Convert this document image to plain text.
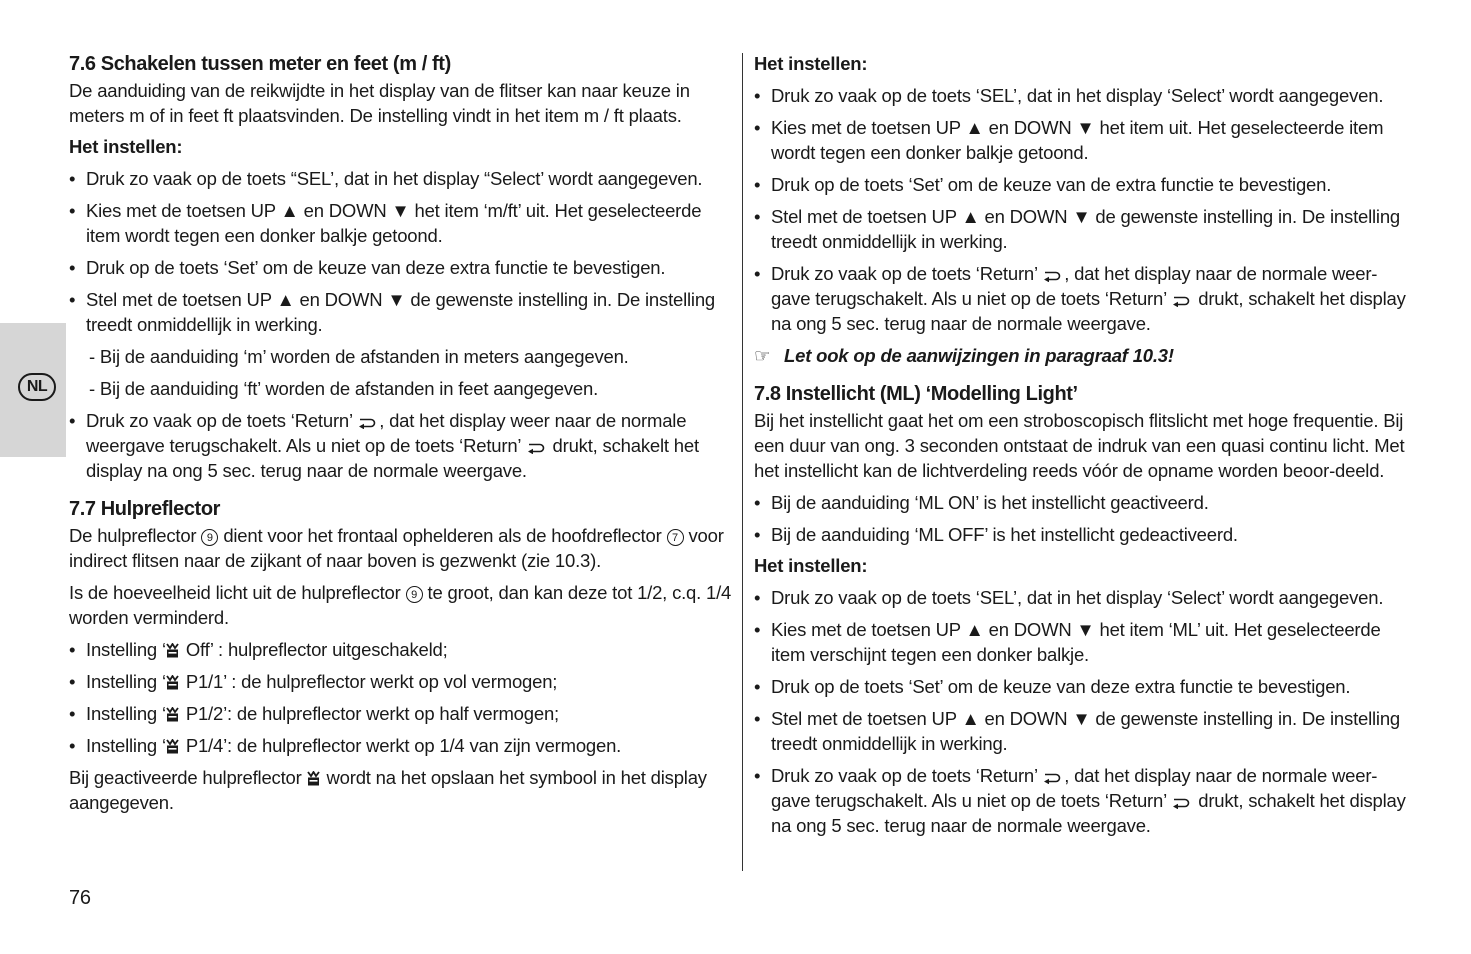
NL
7.6 Schakelen tussen meter en feet (m / ft)

De aanduiding van de reikwijdte in het display van de flitser kan naar keuze in meters m of in feet ft plaatsvinden. De instelling vindt in het item m / ft plaats.

Het instellen:

• Druk zo vaak op de toets “SEL’, dat in het display “Select’ wordt aangegeven.
• Kies met de toetsen UP ▲ en DOWN ▼ het item ‘m/ft’ uit. Het geselecteerde item wordt tegen een donker balkje getoond.
• Druk op de toets ‘Set’ om de keuze van deze extra functie te bevestigen.
• Stel met de toetsen UP ▲ en DOWN ▼ de gewenste instelling in. De instelling treedt onmiddellijk in werking.
- Bij de aanduiding ‘m’ worden de afstanden in meters aangegeven.
- Bij de aanduiding ‘ft’ worden de afstanden in feet aangegeven.
• Druk zo vaak op de toets ‘Return’ , dat het display weer naar de normale weergave terugschakelt. Als u niet op de toets ‘Return’ drukt, schakelt het display na ong 5 sec. terug naar de normale weergave.
7.7 Hulpreflector

De hulpreflector 9 dient voor het frontaal ophelderen als de hoofdreflector 7 voor indirect flitsen naar de zijkant of naar boven is gezwenkt (zie 10.3).

Is de hoeveelheid licht uit de hulpreflector 9 te groot, dan kan deze tot 1/2, c.q. 1/4 worden verminderd.

• Instelling ‘ Off’ : hulpreflector uitgeschakeld;
• Instelling ‘ P1/1’ : de hulpreflector werkt op vol vermogen;
• Instelling ‘ P1/2’: de hulpreflector werkt op half vermogen;
• Instelling ‘ P1/4’: de hulpreflector werkt op 1/4 van zijn vermogen.

Bij geactiveerde hulpreflector wordt na het opslaan het symbool in het display aangegeven.

Het instellen:

• Druk zo vaak op de toets ‘SEL’, dat in het display ‘Select’ wordt aangegeven.
• Kies met de toetsen UP ▲ en DOWN ▼ het item uit. Het geselecteerde item wordt tegen een donker balkje getoond.
• Druk op de toets ‘Set’ om de keuze van de extra functie te bevestigen.
• Stel met de toetsen UP ▲ en DOWN ▼ de gewenste instelling in. De instelling treedt onmiddellijk in werking.
• Druk zo vaak op de toets ‘Return’ , dat het display naar de normale weer-gave terugschakelt. Als u niet op de toets ‘Return’ drukt, schakelt het display na ong 5 sec. terug naar de normale weergave.

☞ Let ook op de aanwijzingen in paragraaf 10.3!

7.8 Instellicht (ML) ‘Modelling Light’

Bij het instellicht gaat het om een stroboscopisch flitslicht met hoge frequentie. Bij een duur van ong. 3 seconden ontstaat de indruk van een quasi continu licht. Met het instellicht kan de lichtverdeling reeds vóór de opname worden beoor-deeld.

• Bij de aanduiding ‘ML ON’ is het instellicht geactiveerd.
• Bij de aanduiding ‘ML OFF’ is het instellicht gedeactiveerd.

Het instellen:

• Druk zo vaak op de toets ‘SEL’, dat in het display ‘Select’ wordt aangegeven.
• Kies met de toetsen UP ▲ en DOWN ▼ het item ‘ML’ uit. Het geselecteerde item verschijnt tegen een donker balkje.
• Druk op de toets ‘Set’ om de keuze van deze extra functie te bevestigen.
• Stel met de toetsen UP ▲ en DOWN ▼ de gewenste instelling in. De instelling treedt onmiddellijk in werking.
• Druk zo vaak op de toets ‘Return’ , dat het display naar de normale weer-gave terugschakelt. Als u niet op de toets ‘Return’ drukt, schakelt het display na ong 5 sec. terug naar de normale weergave.
76
